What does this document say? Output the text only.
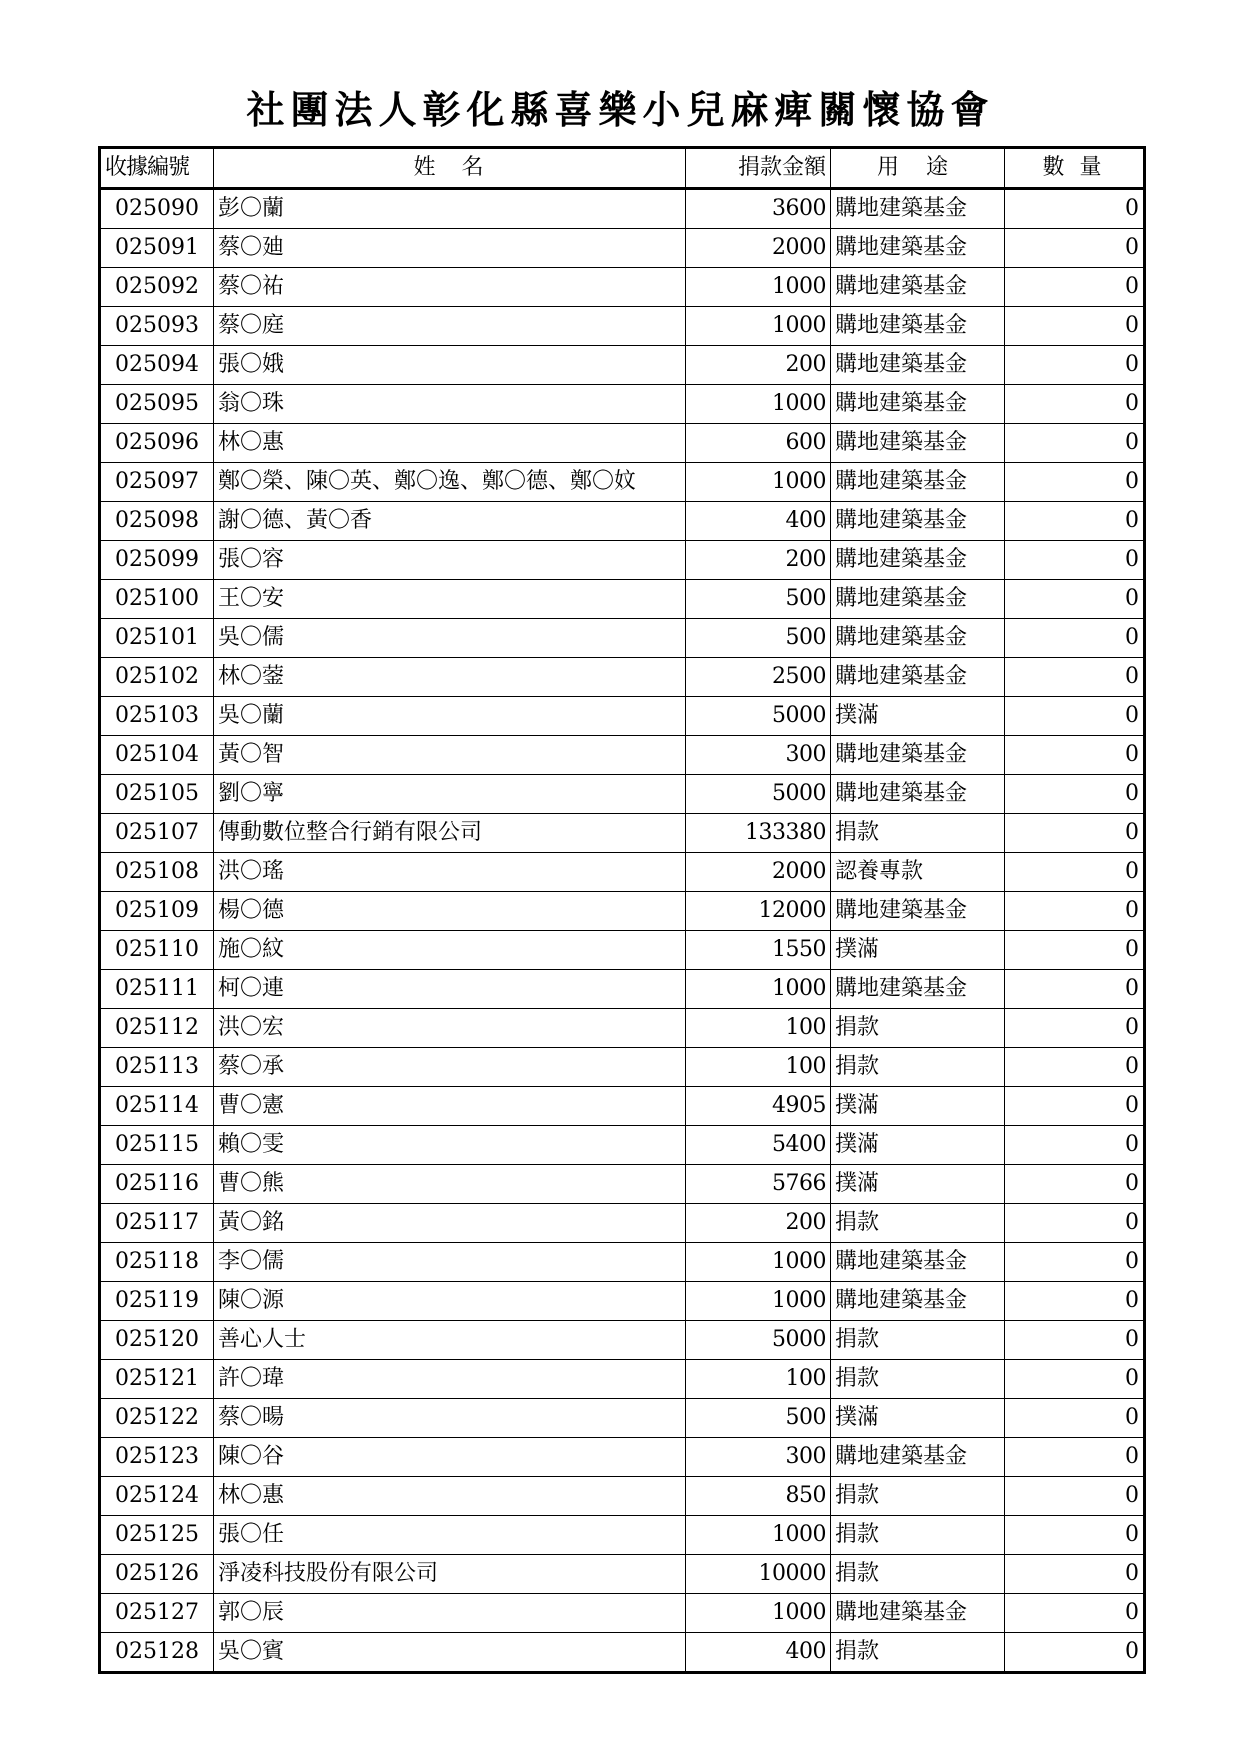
社團法人彰化縣喜樂小兒麻痺關懷協會
收據編號	姓　名	捐款金額	用 途	數 量
025090	彭〇蘭	3600	購地建築基金	0
025091	蔡〇廸	2000	購地建築基金	0
025092	蔡〇祐	1000	購地建築基金	0
025093	蔡〇庭	1000	購地建築基金	0
025094	張〇娥	200	購地建築基金	0
025095	翁〇珠	1000	購地建築基金	0
025096	林〇惠	600	購地建築基金	0
025097	鄭〇榮、陳〇英、鄭〇逸、鄭〇德、鄭〇妏	1000	購地建築基金	0
025098	謝〇德、黃〇香	400	購地建築基金	0
025099	張〇容	200	購地建築基金	0
025100	王〇安	500	購地建築基金	0
025101	吳〇儒	500	購地建築基金	0
025102	林〇蓥	2500	購地建築基金	0
025103	吳〇蘭	5000	撲滿	0
025104	黃〇智	300	購地建築基金	0
025105	劉〇寧	5000	購地建築基金	0
025107	傳動數位整合行銷有限公司	133380	捐款	0
025108	洪〇瑤	2000	認養專款	0
025109	楊〇德	12000	購地建築基金	0
025110	施〇紋	1550	撲滿	0
025111	柯〇連	1000	購地建築基金	0
025112	洪〇宏	100	捐款	0
025113	蔡〇承	100	捐款	0
025114	曹〇憲	4905	撲滿	0
025115	賴〇雯	5400	撲滿	0
025116	曹〇熊	5766	撲滿	0
025117	黃〇銘	200	捐款	0
025118	李〇儒	1000	購地建築基金	0
025119	陳〇源	1000	購地建築基金	0
025120	善心人士	5000	捐款	0
025121	許〇瑋	100	捐款	0
025122	蔡〇暘	500	撲滿	0
025123	陳〇谷	300	購地建築基金	0
025124	林〇惠	850	捐款	0
025125	張〇任	1000	捐款	0
025126	淨凌科技股份有限公司	10000	捐款	0
025127	郭〇辰	1000	購地建築基金	0
025128	吳〇賓	400	捐款	0
